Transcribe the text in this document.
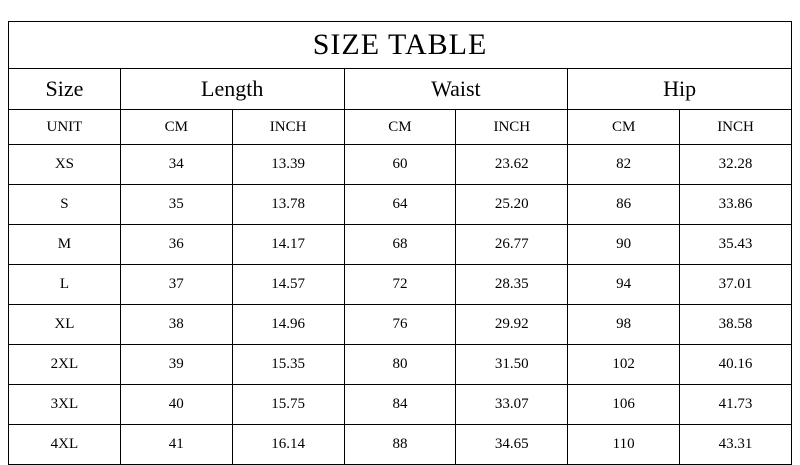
SIZE TABLE						
Size	Length		Waist		Hip	
UNIT	CM	INCH	CM	INCH	CM	INCH
XS	34	13.39	60	23.62	82	32.28
S	35	13.78	64	25.20	86	33.86
M	36	14.17	68	26.77	90	35.43
L	37	14.57	72	28.35	94	37.01
XL	38	14.96	76	29.92	98	38.58
2XL	39	15.35	80	31.50	102	40.16
3XL	40	15.75	84	33.07	106	41.73
4XL	41	16.14	88	34.65	110	43.31
